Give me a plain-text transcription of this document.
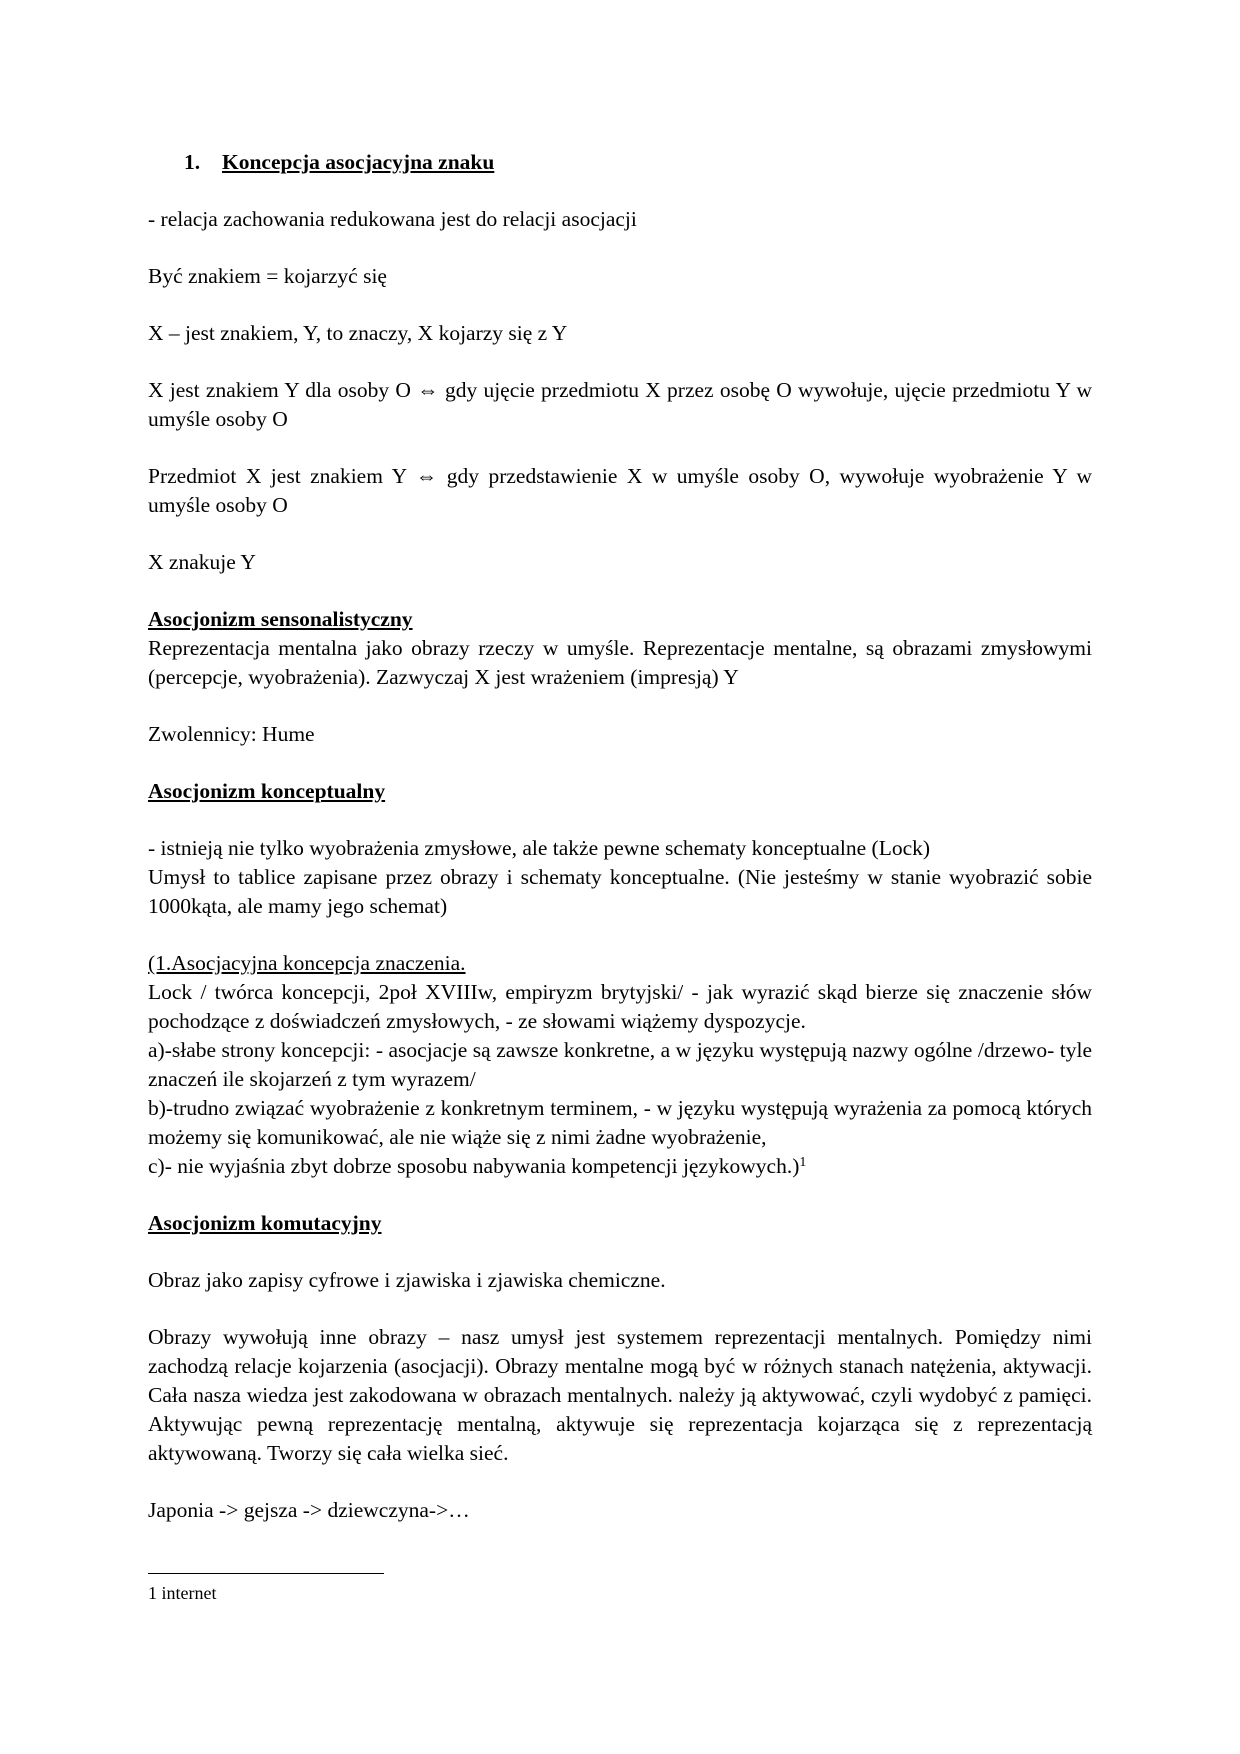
1. Koncepcja asocjacyjna znaku

- relacja zachowania redukowana jest do relacji asocjacji

Być znakiem = kojarzyć się

X – jest znakiem, Y, to znaczy, X kojarzy się z Y

X jest znakiem Y dla osoby O ⇔ gdy ujęcie przedmiotu X przez osobę O wywołuje, ujęcie przedmiotu Y w umyśle osoby O

Przedmiot X jest znakiem Y ⇔ gdy przedstawienie X w umyśle osoby O, wywołuje wyobrażenie Y w umyśle osoby O

X znakuje Y

Asocjonizm sensonalistyczny

Reprezentacja mentalna jako obrazy rzeczy w umyśle. Reprezentacje mentalne, są obrazami zmysłowymi (percepcje, wyobrażenia). Zazwyczaj X jest wrażeniem (impresją) Y

Zwolennicy: Hume

Asocjonizm konceptualny

- istnieją nie tylko wyobrażenia zmysłowe, ale także pewne schematy konceptualne (Lock)

Umysł to tablice zapisane przez obrazy i schematy konceptualne. (Nie jesteśmy w stanie wyobrazić sobie 1000kąta, ale mamy jego schemat)

(1.Asocjacyjna koncepcja znaczenia.

Lock / twórca koncepcji, 2poł XVIIIw, empiryzm brytyjski/ - jak wyrazić skąd bierze się znaczenie słów pochodzące z doświadczeń zmysłowych, - ze słowami wiążemy dyspozycje.

a)-słabe strony koncepcji: - asocjacje są zawsze konkretne, a w języku występują nazwy ogólne /drzewo- tyle znaczeń ile skojarzeń z tym wyrazem/

b)-trudno związać wyobrażenie z konkretnym terminem, - w języku występują wyrażenia za pomocą których możemy się komunikować, ale nie wiąże się z nimi żadne wyobrażenie,

c)- nie wyjaśnia zbyt dobrze sposobu nabywania kompetencji językowych.)$^1$

Asocjonizm komutacyjny

Obraz jako zapisy cyfrowe i zjawiska i zjawiska chemiczne.

Obrazy wywołują inne obrazy – nasz umysł jest systemem reprezentacji mentalnych. Pomiędzy nimi zachodzą relacje kojarzenia (asocjacji). Obrazy mentalne mogą być w różnych stanach natężenia, aktywacji. Cała nasza wiedza jest zakodowana w obrazach mentalnych. należy ją aktywować, czyli wydobyć z pamięci. Aktywując pewną reprezentację mentalną, aktywuje się reprezentacja kojarząca się z reprezentacją aktywowaną. Tworzy się cała wielka sieć.

Japonia -> gejsza -> dziewczyna->…

1 internet
